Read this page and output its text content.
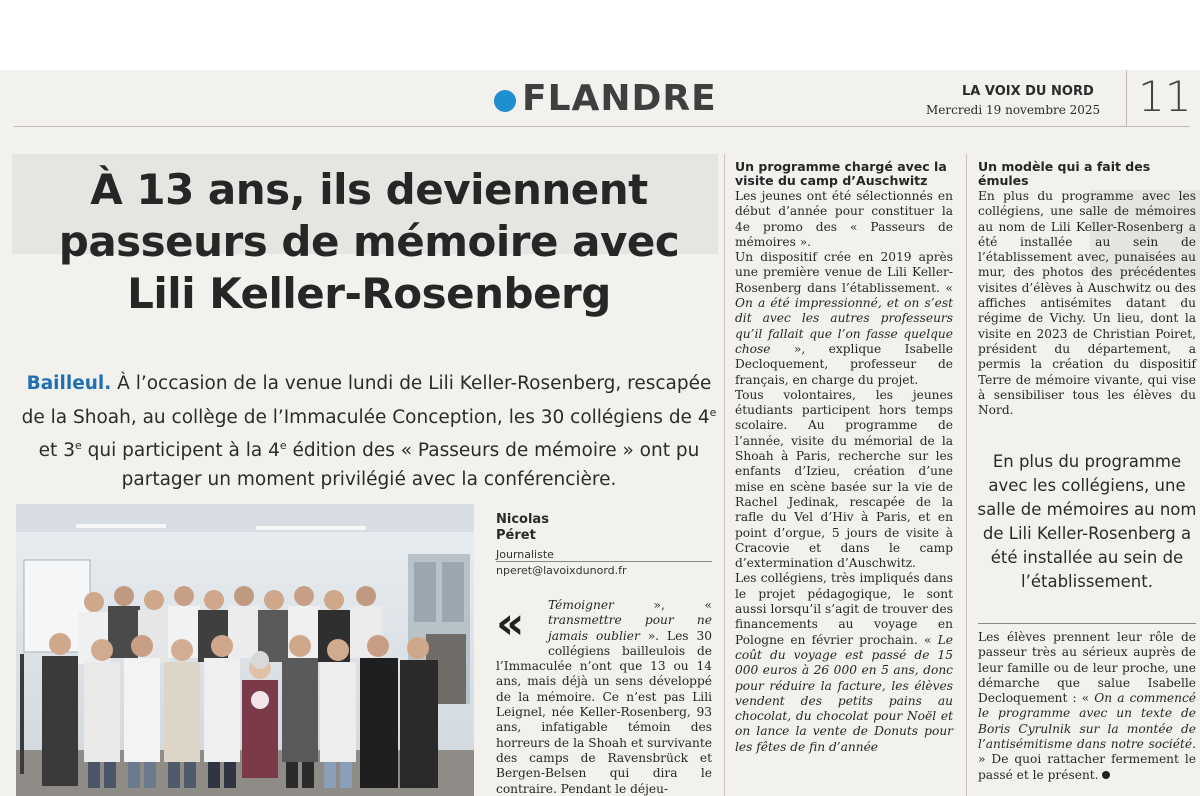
FLANDRE	LA VOIX DU NORD
Mercredi 19 novembre 2025 11
À 13 ans, ils deviennent
passeurs de mémoire avec
Lili Keller-Rosenberg
Bailleul. À l’occasion de la venue lundi de Lili Keller-Rosenberg, rescapée de la Shoah, au collège de l’Immaculée Conception, les 30 collégiens de 4e et 3e qui participent à la 4e édition des « Passeurs de mémoire » ont pu partager un moment privilégié avec la conférencière.
Nicolas
Péret
Journaliste
nperet@lavoixdunord.fr
«	Témoigner », « transmettre pour ne jamais oublier ». Les 30 collégiens bailleulois de l’Immaculée n’ont que 13 ou 14 ans, mais déjà un sens développé de la mémoire. Ce n’est pas Lili Leignel, née Keller-Rosenberg, 93 ans, infatigable témoin des horreurs de la Shoah et survivante des camps de Ravensbrück et Bergen-Belsen qui dira le contraire. Pendant le déjeu-

Un programme chargé avec la visite du camp d’Auschwitz

Les jeunes ont été sélectionnés en début d’année pour constituer la 4e promo des « Passeurs de mémoires ».

Un dispositif crée en 2019 après une première venue de Lili Keller-Rosenberg dans l’établissement. « On a été impressionné, et on s’est dit avec les autres professeurs qu’il fallait que l’on fasse quelque chose », explique Isabelle Decloquement, professeur de français, en charge du projet.

Tous volontaires, les jeunes étudiants participent hors temps scolaire. Au programme de l’année, visite du mémorial de la Shoah à Paris, recherche sur les enfants d’Izieu, création d’une mise en scène basée sur la vie de Rachel Jedinak, rescapée de la rafle du Vel d’Hiv à Paris, et en point d’orgue, 5 jours de visite à Cracovie et dans le camp d’extermination d’Auschwitz.

Les collégiens, très impliqués dans le projet pédagogique, le sont aussi lorsqu’il s’agit de trouver des financements au voyage en Pologne en février prochain. « Le coût du voyage est passé de 15 000 euros à 26 000 en 5 ans, donc pour réduire la facture, les élèves vendent des petits pains au chocolat, du chocolat pour Noël et on lance la vente de Donuts pour les fêtes de fin d’année

Un modèle qui a fait des émules

En plus du programme avec les collégiens, une salle de mémoires au nom de Lili Keller-Rosenberg a été installée au sein de l’établissement avec, punaisées au mur, des photos des précédentes visites d’élèves à Auschwitz ou des affiches antisémites datant du régime de Vichy. Un lieu, dont la visite en 2023 de Christian Poiret, président du département, a permis la création du dispositif Terre de mémoire vivante, qui vise à sensibiliser tous les élèves du Nord.

En plus du programme avec les collégiens, une salle de mémoires au nom de Lili Keller-Rosenberg a été installée au sein de l’établissement.

Les élèves prennent leur rôle de passeur très au sérieux auprès de leur famille ou de leur proche, une démarche que salue Isabelle Decloquement : « On a commencé le programme avec un texte de Boris Cyrulnik sur la montée de l’antisémitisme dans notre société. » De quoi rattacher fermement le passé et le présent.
